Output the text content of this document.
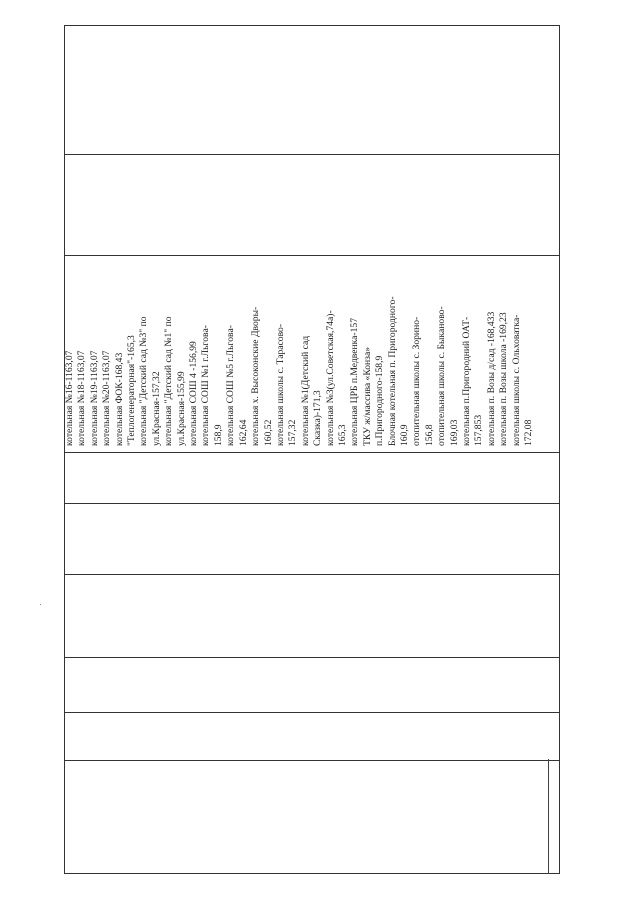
котельная №16-1163,07 котельная №18-1163,07 котельная №19-1163,07 котельная №20-1163,07 котельная ФОК-168,43 "Теплогенераторная"-165,3 котельная "Детский сад №3" по ул.Красная-157,32 котельная "Детский сад №1" по ул.Красная-155,99 котельная СОШ 4 -156,99 котельная СОШ №1 г.Льгова- 158,9 котельная СОШ №5 г.Льгова- 162,64 котельная х. Высоконские Дворы- 160,52 котельная школы с. Тарасово- 157,32 котельная №1(Детский сад Сказка)-171,3 котельная №3(ул.Советская,74а)- 165,3 котельная ЦРБ п.Медвенка-157 ТКУ ж/массива «Конза» п.Пригородного-158,9 Блочная котельная п. Пригородного- 160,9 отопительная школы с. Зорино- 156,8 отопительная школы с. Быканово- 169,03 котельная п.Пригородний ОАТ- 157,853 котельная п. Возы д/сад -168,433 котельная п. Возы школа -169,23 котельная школы с. Ольховатка- 172,08
